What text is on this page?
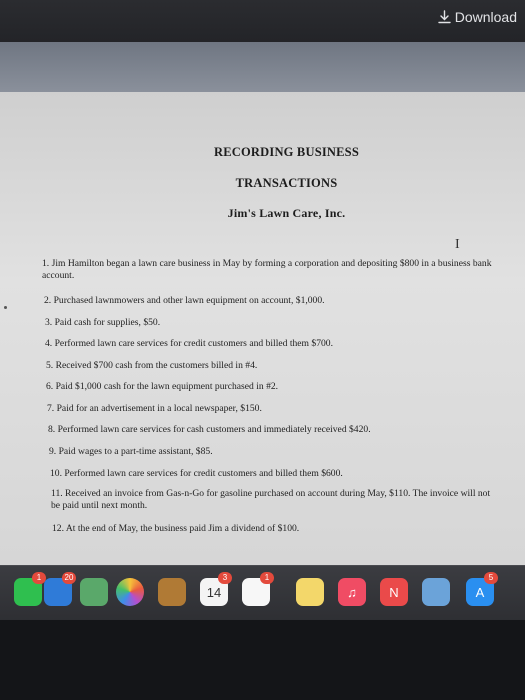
Download
RECORDING BUSINESS
TRANSACTIONS
Jim's Lawn Care, Inc.
I
1. Jim Hamilton began a lawn care business in May by forming a corporation and depositing $800 in a business bank account.
2. Purchased lawnmowers and other lawn equipment on account, $1,000.
3. Paid cash for supplies, $50.
4. Performed lawn care services for credit customers and billed them $700.
5. Received $700 cash from the customers billed in #4.
6. Paid $1,000 cash for the lawn equipment purchased in #2.
7. Paid for an advertisement in a local newspaper, $150.
8. Performed lawn care services for cash customers and immediately received $420.
9. Paid wages to a part-time assistant, $85.
10. Performed lawn care services for credit customers and billed them $600.
11. Received an invoice from Gas-n-Go for gasoline purchased on account during May, $110. The invoice will not be paid until next month.
12. At the end of May, the business paid Jim a dividend of $100.
1	20
14
3	1
♫	N	A
5
